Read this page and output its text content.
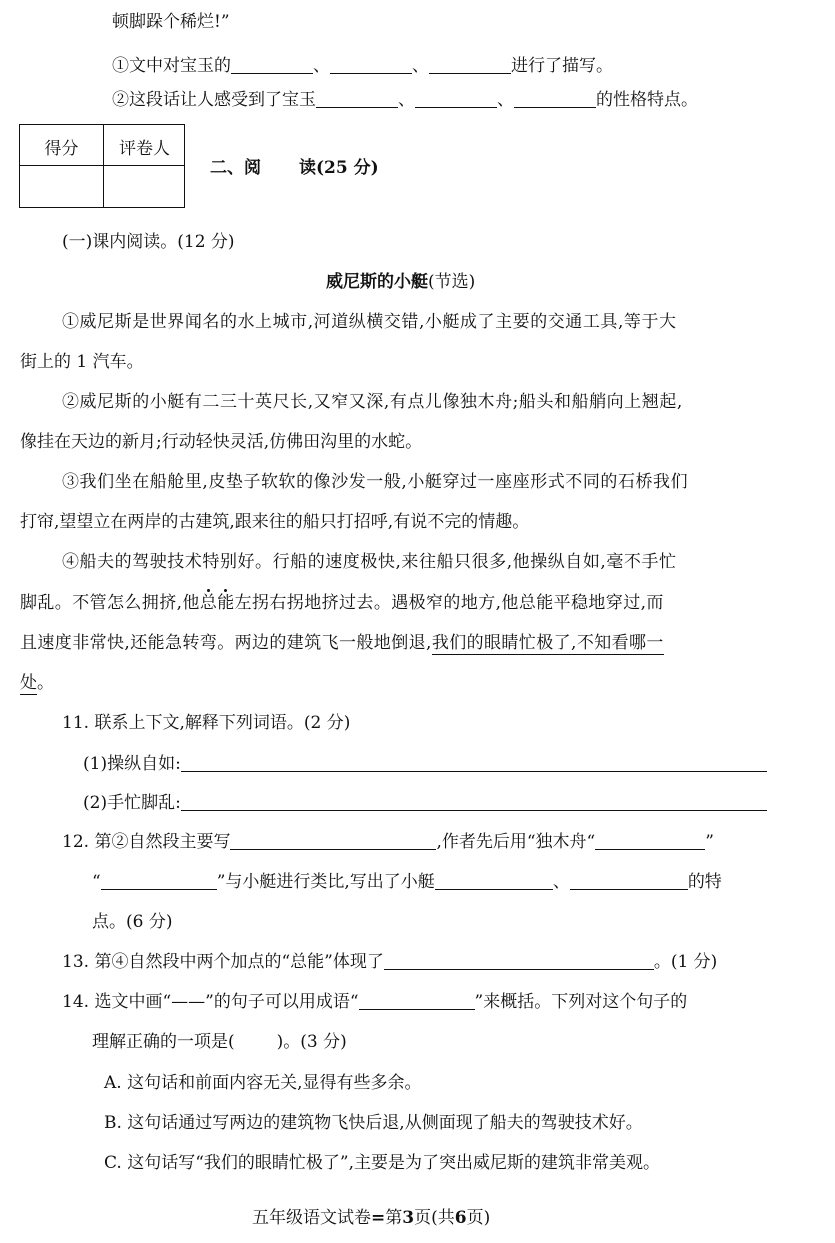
顿脚跺个稀烂!”
①文中对宝玉的	、	、	进行了描写。
②这段话让人感受到了宝玉	、	、	的性格特点。
得分	评卷人
二、阅 读(25 分)
(一)课内阅读。(12 分)
威尼斯的小艇(节选)
①威尼斯是世界闻名的水上城市,河道纵横交错,小艇成了主要的交通工具,等于大
街上的 1 汽车。
②威尼斯的小艇有二三十英尺长,又窄又深,有点儿像独木舟;船头和船艄向上翘起,
像挂在天边的新月;行动轻快灵活,仿佛田沟里的水蛇。
③我们坐在船舱里,皮垫子软软的像沙发一般,小艇穿过一座座形式不同的石桥我们
打帘,望望立在两岸的古建筑,跟来往的船只打招呼,有说不完的情趣。
④船夫的驾驶技术特别好。行船的速度极快,来往船只很多,他操纵自如,毫不手忙
脚乱。不管怎么拥挤,他总能左拐右拐地挤过去。遇极窄的地方,他总能平稳地穿过,而
且速度非常快,还能急转弯。两边的建筑飞一般地倒退,我们的眼睛忙极了,不知看哪一
处。
11. 联系上下文,解释下列词语。(2 分)
(1)操纵自如:
(2)手忙脚乱:
12. 第②自然段主要写	,作者先后用“独木舟“	”
“	”与小艇进行类比,写出了小艇	、	的特
点。(6 分)
13. 第④自然段中两个加点的“总能”体现了	。(1 分)
14. 选文中画“——”的句子可以用成语“	”来概括。下列对这个句子的
理解正确的一项是( )。(3 分)
A. 这句话和前面内容无关,显得有些多余。
B. 这句话通过写两边的建筑物飞快后退,从侧面现了船夫的驾驶技术好。
C. 这句话写“我们的眼睛忙极了”,主要是为了突出威尼斯的建筑非常美观。
五年级语文试卷=第3页(共6页)
